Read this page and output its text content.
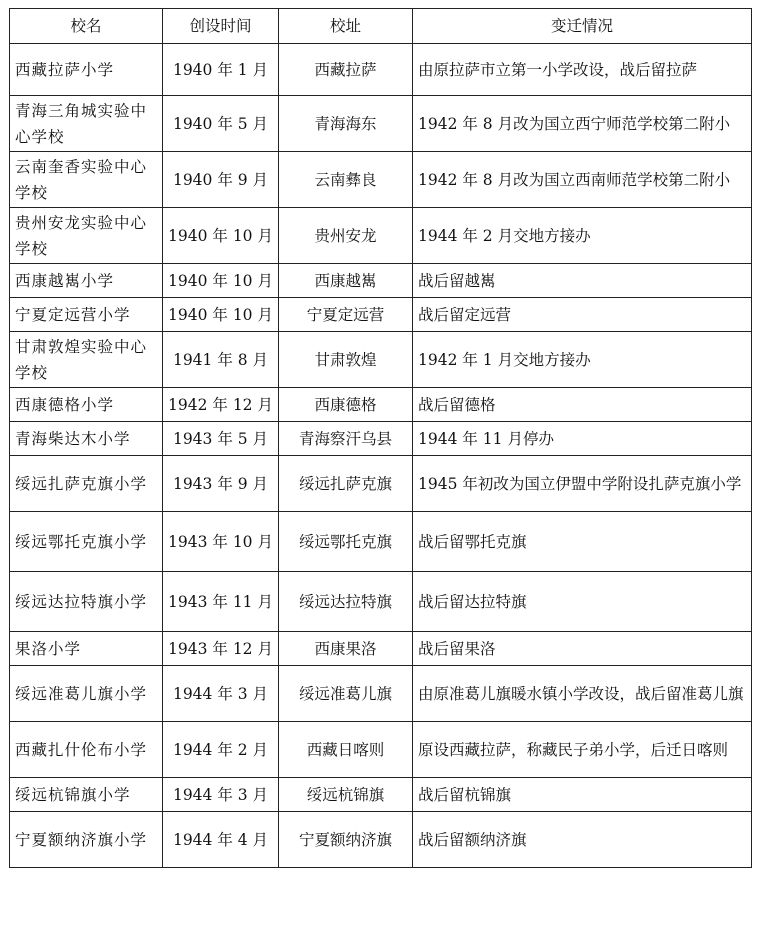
校名	创设时间	校址	变迁情况
西藏拉萨小学	1940 年 1 月	西藏拉萨	由原拉萨市立第一小学改设，战后留拉萨
青海三角城实验中心学校	1940 年 5 月	青海海东	1942 年 8 月改为国立西宁师范学校第二附小
云南奎香实验中心学校	1940 年 9 月	云南彝良	1942 年 8 月改为国立西南师范学校第二附小
贵州安龙实验中心学校	1940 年 10 月	贵州安龙	1944 年 2 月交地方接办
西康越嶲小学	1940 年 10 月	西康越嶲	战后留越嶲
宁夏定远营小学	1940 年 10 月	宁夏定远营	战后留定远营
甘肃敦煌实验中心学校	1941 年 8 月	甘肃敦煌	1942 年 1 月交地方接办
西康德格小学	1942 年 12 月	西康德格	战后留德格
青海柴达木小学	1943 年 5 月	青海察汗乌县	1944 年 11 月停办
绥远扎萨克旗小学	1943 年 9 月	绥远扎萨克旗	1945 年初改为国立伊盟中学附设扎萨克旗小学
绥远鄂托克旗小学	1943 年 10 月	绥远鄂托克旗	战后留鄂托克旗
绥远达拉特旗小学	1943 年 11 月	绥远达拉特旗	战后留达拉特旗
果洛小学	1943 年 12 月	西康果洛	战后留果洛
绥远准葛儿旗小学	1944 年 3 月	绥远准葛儿旗	由原准葛儿旗暖水镇小学改设，战后留准葛儿旗
西藏扎什伦布小学	1944 年 2 月	西藏日喀则	原设西藏拉萨，称藏民子弟小学，后迁日喀则
绥远杭锦旗小学	1944 年 3 月	绥远杭锦旗	战后留杭锦旗
宁夏额纳济旗小学	1944 年 4 月	宁夏额纳济旗	战后留额纳济旗
